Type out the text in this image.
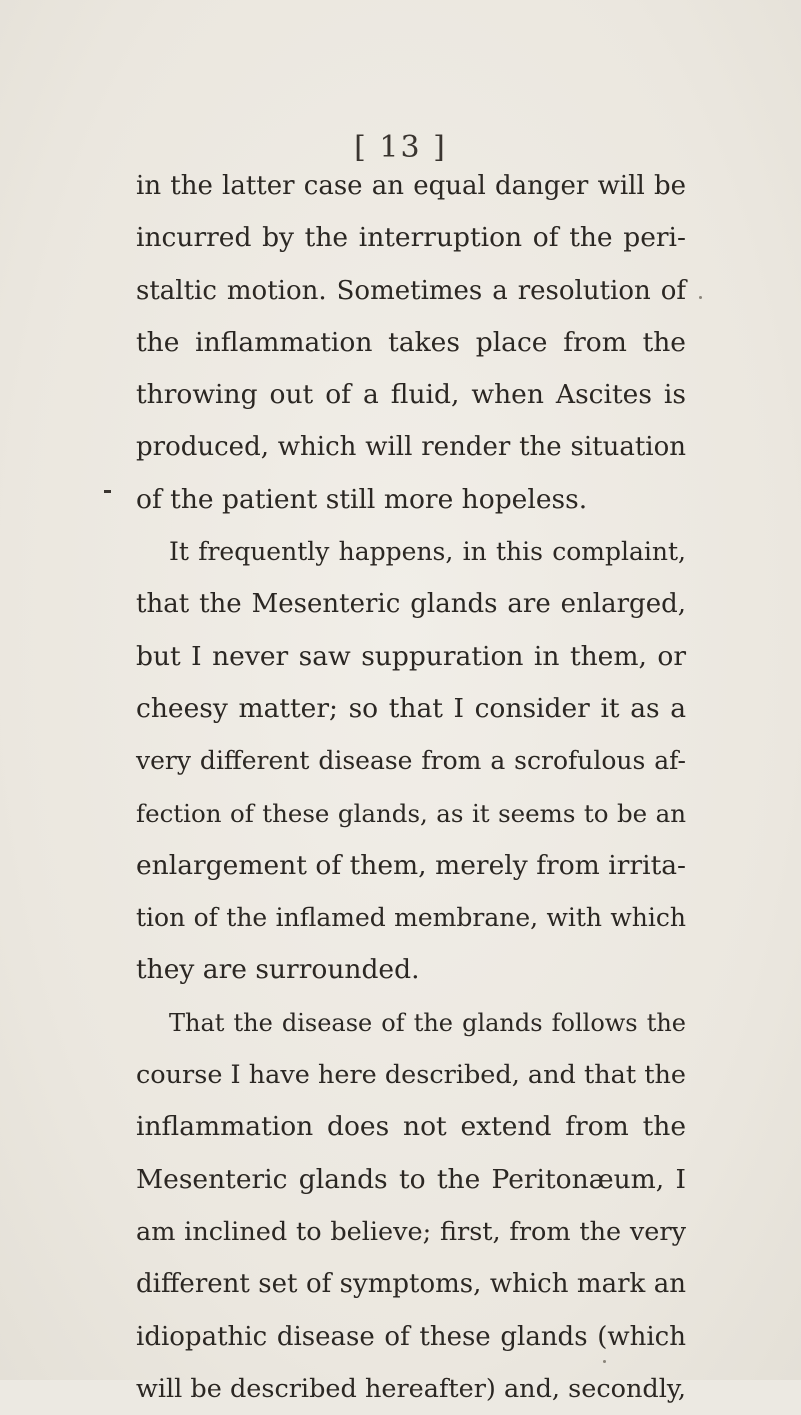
[ 13 ]
in the latter case an equal danger will be
incurred by the interruption of the peri-
staltic motion. Sometimes a resolution of
the inflammation takes place from the
throwing out of a fluid, when Ascites is
produced, which will render the situation
of the patient still more hopeless.
It frequently happens, in this complaint,
that the Mesenteric glands are enlarged,
but I never saw suppuration in them, or
cheesy matter; so that I consider it as a
very different disease from a scrofulous af-
fection of these glands, as it seems to be an
enlargement of them, merely from irrita-
tion of the inflamed membrane, with which
they are surrounded.
That the disease of the glands follows the
course I have here described, and that the
inflammation does not extend from the
Mesenteric glands to the Peritonæum, I
am inclined to believe; first, from the very
different set of symptoms, which mark an
idiopathic disease of these glands (which
will be described hereafter) and, secondly,
